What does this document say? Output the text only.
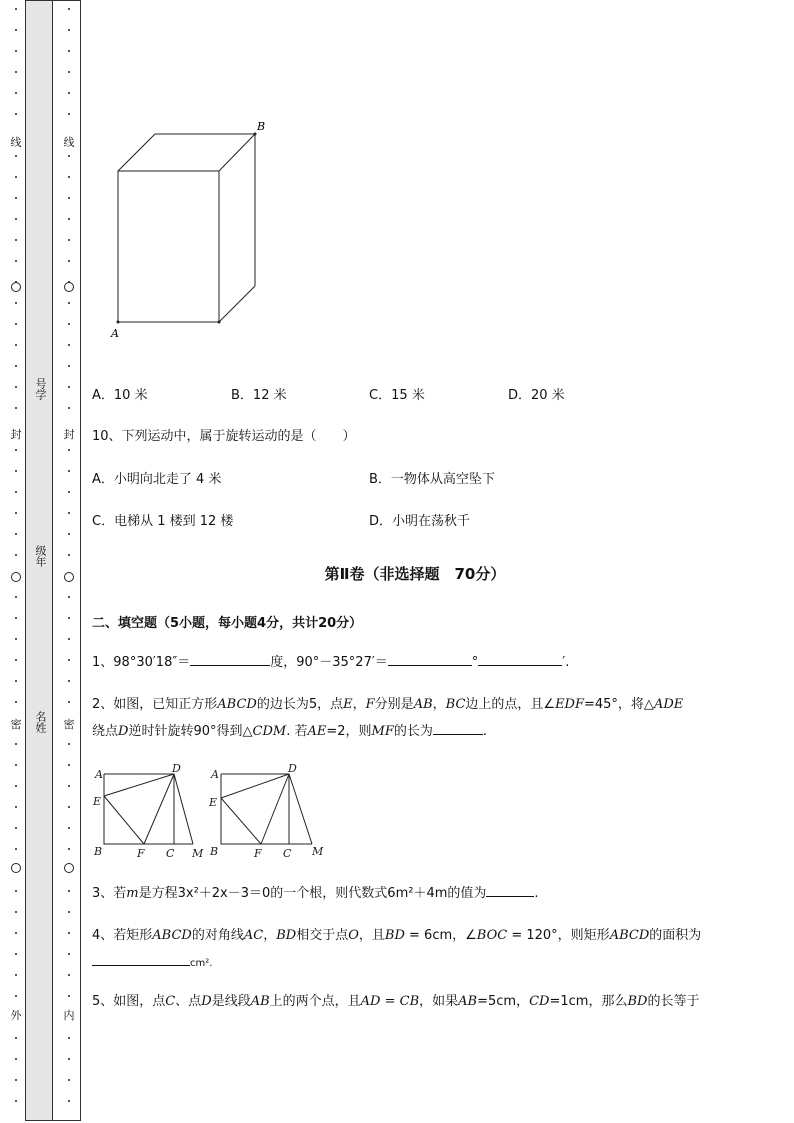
线
封
密
外
线
封
密
内
号学
级年
名姓
B
A
A．10 米	B．12 米	C．15 米	D．20 米
10、下列运动中，属于旋转运动的是（　　）
A．小明向北走了 4 米	B．一物体从高空坠下
C．电梯从 1 楼到 12 楼	D．小明在荡秋千
第Ⅱ卷（非选择题　70分）
二、填空题（5小题，每小题4分，共计20分）
1、98°30′18″＝	度，90°－35°27′＝	°	′.
2、如图，已知正方形ABCD的边长为5，点E，F分别是AB，BC边上的点，且∠EDF=45°，将△ADE
绕点D逆时针旋转90°得到△CDM. 若AE=2，则MF的长为	.
A	D
E
B	F C M
A	D
E
B	F C M
3、若m是方程3x²＋2x－3＝0的一个根，则代数式6m²＋4m的值为	.
4、若矩形ABCD的对角线AC，BD相交于点O，且BD = 6cm，∠BOC = 120°，则矩形ABCD的面积为
cm².
5、如图，点C、点D是线段AB上的两个点，且AD = CB，如果AB=5cm，CD=1cm，那么BD的长等于
